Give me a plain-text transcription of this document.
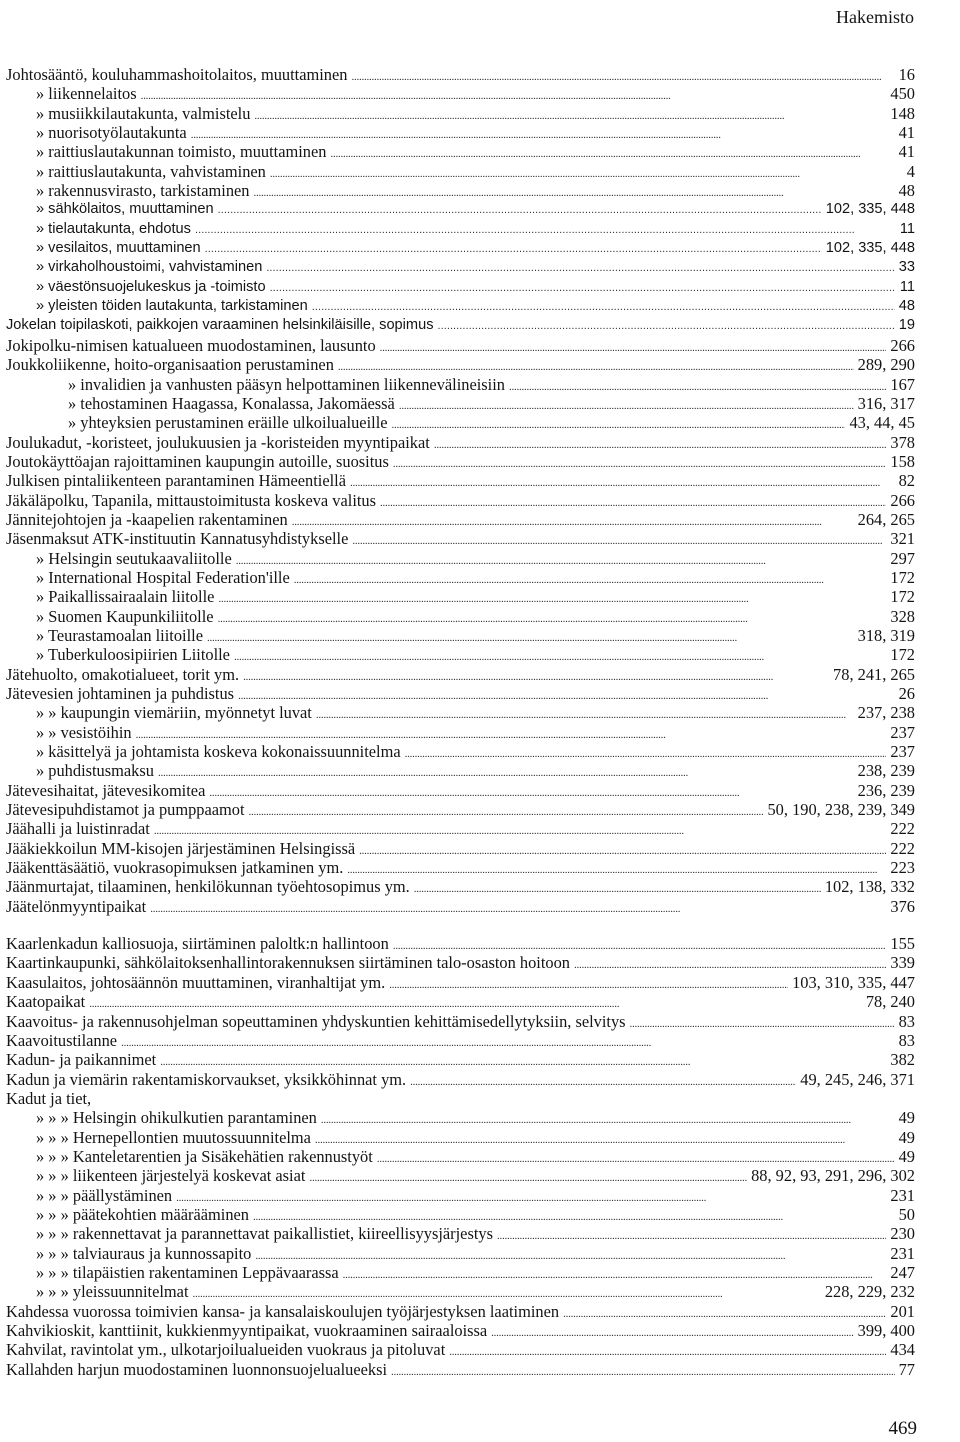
Hakemisto
Johtosääntö, kouluhammashoitolaitos, muuttaminen . . .	16
» liikennelaitos . . .	450
» musiikkilautakunta, valmistelu . . .	148
» nuorisotyölautakunta . . .	41
» raittiuslautakunnan toimisto, muuttaminen . . .	41
» raittiuslautakunta, vahvistaminen . . .	4
» rakennusvirasto, tarkistaminen . . .	48
» sähkölaitos, muuttaminen . . .	102, 335, 448
» tielautakunta, ehdotus . . .	11
» vesilaitos, muuttaminen . . .	102, 335, 448
» virkaholhoustoimi, vahvistaminen . . .	33
» väestönsuojelukeskus ja -toimisto . . .	11
» yleisten töiden lautakunta, tarkistaminen . . .	48
Jokelan toipilaskoti, paikkojen varaaminen helsinkiläisille, sopimus . . .	19
Jokipolku-nimisen katualueen muodostaminen, lausunto . . .	266
Joukkoliikenne, hoito-organisaation perustaminen . . .	289, 290
» invalidien ja vanhusten pääsyn helpottaminen liikennevälineisiin . . .	167
» tehostaminen Haagassa, Konalassa, Jakomäessä . . .	316, 317
» yhteyksien perustaminen eräille ulkoilualueille . . .	43, 44, 45
Joulukadut, -koristeet, joulukuusien ja -koristeiden myyntipaikat . . .	378
Joutokäyttöajan rajoittaminen kaupungin autoille, suositus . . .	158
Julkisen pintaliikenteen parantaminen Hämeentiellä . . .	82
Jäkäläpolku, Tapanila, mittaustoimitusta koskeva valitus . . .	266
Jännitejohtojen ja -kaapelien rakentaminen . . .	264, 265
Jäsenmaksut ATK-instituutin Kannatusyhdistykselle . . .	321
» Helsingin seutukaavaliitolle . . .	297
» International Hospital Federation'ille . . .	172
» Paikallissairaalain liitolle . . .	172
» Suomen Kaupunkiliitolle . . .	328
» Teurastamoalan liitoille . . .	318, 319
» Tuberkuloosipiirien Liitolle . . .	172
Jätehuolto, omakotialueet, torit ym. . . .	78, 241, 265
Jätevesien johtaminen ja puhdistus . . .	26
» » kaupungin viemäriin, myönnetyt luvat . . .	237, 238
» » vesistöihin . . .	237
» käsittelyä ja johtamista koskeva kokonaissuunnitelma . . .	237
» puhdistusmaksu . . .	238, 239
Jätevesihaitat, jätevesikomitea . . .	236, 239
Jätevesipuhdistamot ja pumppaamot . . .	50, 190, 238, 239, 349
Jäähalli ja luistinradat . . .	222
Jääkiekkoilun MM-kisojen järjestäminen Helsingissä . . .	222
Jääkenttäsäätiö, vuokrasopimuksen jatkaminen ym. . . .	223
Jäänmurtajat, tilaaminen, henkilökunnan työehtosopimus ym. . . .	102, 138, 332
Jäätelönmyyntipaikat . . .	376
Kaarlenkadun kalliosuoja, siirtäminen paloltk:n hallintoon . . .	155
Kaartinkaupunki, sähkölaitoksenhallintorakennuksen siirtäminen talo-osaston hoitoon . . .	339
Kaasulaitos, johtosäännön muuttaminen, viranhaltijat ym. . . .	103, 310, 335, 447
Kaatopaikat . . .	78, 240
Kaavoitus- ja rakennusohjelman sopeuttaminen yhdyskuntien kehittämisedellytyksiin, selvitys . . .	83
Kaavoitustilanne . . .	83
Kadun- ja paikannimet . . .	382
Kadun ja viemärin rakentamiskorvaukset, yksikköhinnat ym. . . .	49, 245, 246, 371
Kadut ja tiet,
» » » Helsingin ohikulkutien parantaminen . . .	49
» » » Hernepellontien muutossuunnitelma . . .	49
» » » Kanteletarentien ja Sisäkehätien rakennustyöt . . .	49
» » » liikenteen järjestelyä koskevat asiat . . .	88, 92, 93, 291, 296, 302
» » » päällystäminen . . .	231
» » » päätekohtien määrääminen . . .	50
» » » rakennettavat ja parannettavat paikallistiet, kiireellisyysjärjestys . . .	230
» » » talviauraus ja kunnossapito . . .	231
» » » tilapäistien rakentaminen Leppävaarassa . . .	247
» » » yleissuunnitelmat . . .	228, 229, 232
Kahdessa vuorossa toimivien kansa- ja kansalaiskoulujen työjärjestyksen laatiminen . . .	201
Kahvikioskit, kanttiinit, kukkienmyyntipaikat, vuokraaminen sairaaloissa . . .	399, 400
Kahvilat, ravintolat ym., ulkotarjoilualueiden vuokraus ja pitoluvat . . .	434
Kallahden harjun muodostaminen luonnonsuojelualueeksi . . .	77
469
